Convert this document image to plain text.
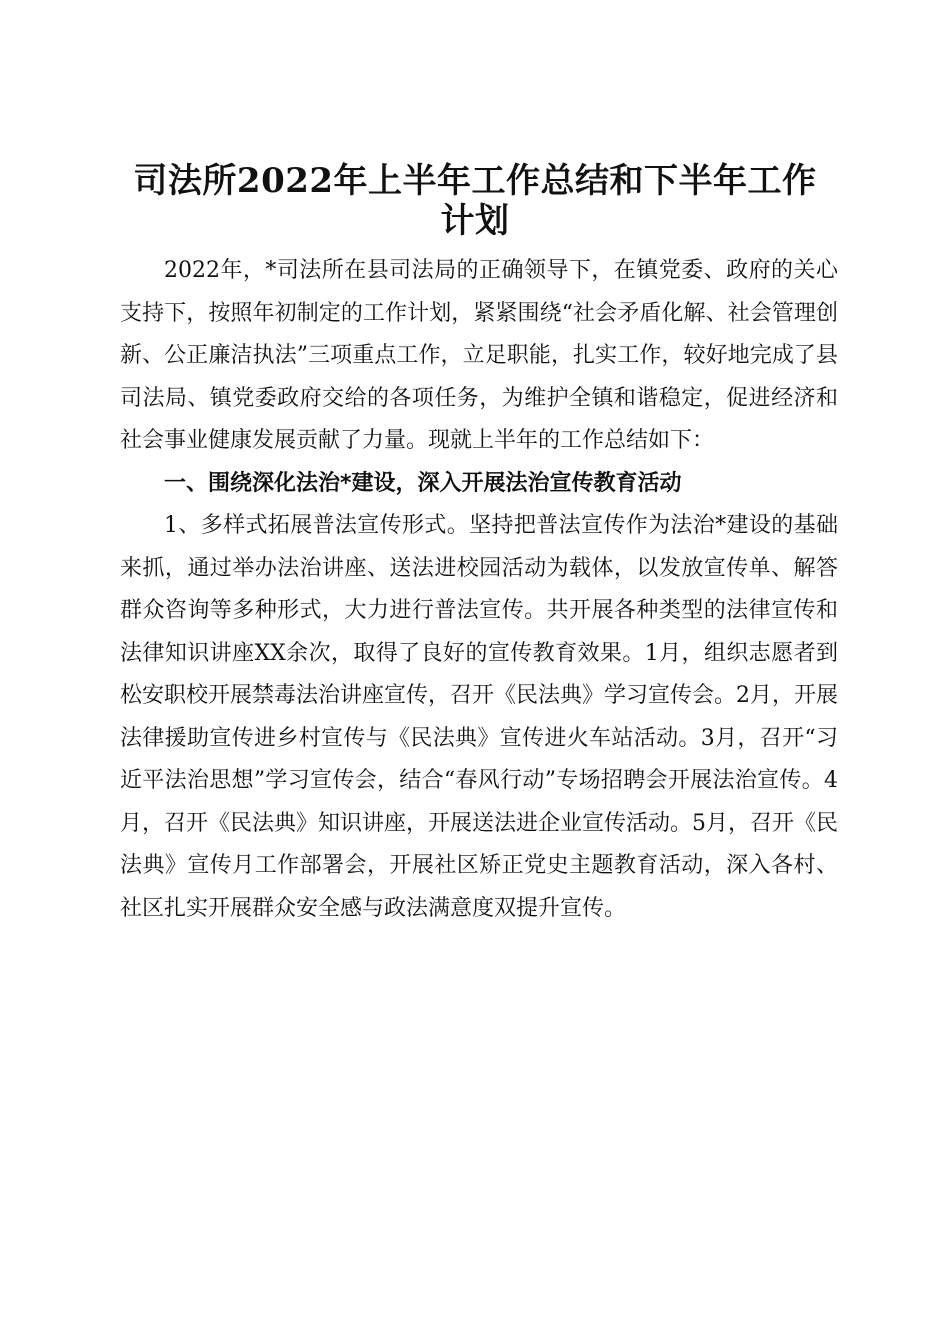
司法所2022年上半年工作总结和下半年工作
计划

2022年，*司法所在县司法局的正确领导下，在镇党委、政府的关心支持下，按照年初制定的工作计划，紧紧围绕“社会矛盾化解、社会管理创新、公正廉洁执法”三项重点工作，立足职能，扎实工作，较好地完成了县司法局、镇党委政府交给的各项任务，为维护全镇和谐稳定，促进经济和社会事业健康发展贡献了力量。现就上半年的工作总结如下：

一、围绕深化法治*建设，深入开展法治宣传教育活动

1、多样式拓展普法宣传形式。坚持把普法宣传作为法治*建设的基础来抓，通过举办法治讲座、送法进校园活动为载体，以发放宣传单、解答群众咨询等多种形式，大力进行普法宣传。共开展各种类型的法律宣传和法律知识讲座XX余次，取得了良好的宣传教育效果。1月，组织志愿者到松安职校开展禁毒法治讲座宣传，召开《民法典》学习宣传会。2月，开展法律援助宣传进乡村宣传与《民法典》宣传进火车站活动。3月，召开“习近平法治思想”学习宣传会，结合“春风行动”专场招聘会开展法治宣传。4月，召开《民法典》知识讲座，开展送法进企业宣传活动。5月，召开《民法典》宣传月工作部署会，开展社区矫正党史主题教育活动，深入各村、社区扎实开展群众安全感与政法满意度双提升宣传。
